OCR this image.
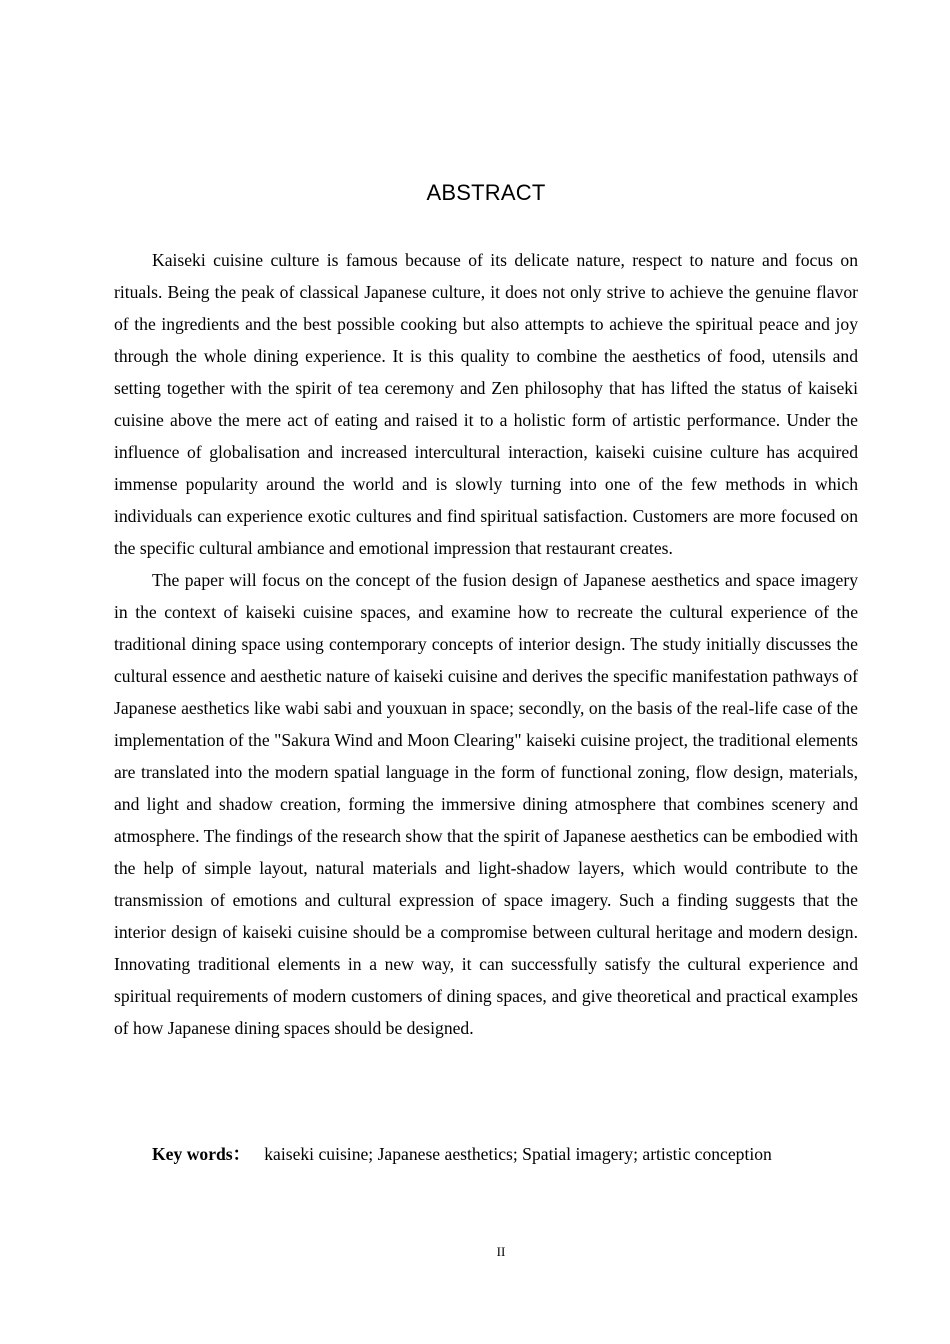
ABSTRACT

Kaiseki cuisine culture is famous because of its delicate nature, respect to nature and focus on rituals. Being the peak of classical Japanese culture, it does not only strive to achieve the genuine flavor of the ingredients and the best possible cooking but also attempts to achieve the spiritual peace and joy through the whole dining experience. It is this quality to combine the aesthetics of food, utensils and setting together with the spirit of tea ceremony and Zen philosophy that has lifted the status of kaiseki cuisine above the mere act of eating and raised it to a holistic form of artistic performance. Under the influence of globalisation and increased intercultural interaction, kaiseki cuisine culture has acquired immense popularity around the world and is slowly turning into one of the few methods in which individuals can experience exotic cultures and find spiritual satisfaction. Customers are more focused on the specific cultural ambiance and emotional impression that restaurant creates.

The paper will focus on the concept of the fusion design of Japanese aesthetics and space imagery in the context of kaiseki cuisine spaces, and examine how to recreate the cultural experience of the traditional dining space using contemporary concepts of interior design. The study initially discusses the cultural essence and aesthetic nature of kaiseki cuisine and derives the specific manifestation pathways of Japanese aesthetics like wabi sabi and youxuan in space; secondly, on the basis of the real-life case of the implementation of the "Sakura Wind and Moon Clearing" kaiseki cuisine project, the traditional elements are translated into the modern spatial language in the form of functional zoning, flow design, materials, and light and shadow creation, forming the immersive dining atmosphere that combines scenery and atmosphere. The findings of the research show that the spirit of Japanese aesthetics can be embodied with the help of simple layout, natural materials and light-shadow layers, which would contribute to the transmission of emotions and cultural expression of space imagery. Such a finding suggests that the interior design of kaiseki cuisine should be a compromise between cultural heritage and modern design. Innovating traditional elements in a new way, it can successfully satisfy the cultural experience and spiritual requirements of modern customers of dining spaces, and give theoretical and practical examples of how Japanese dining spaces should be designed.

Key words： kaiseki cuisine; Japanese aesthetics; Spatial imagery; artistic conception
II
